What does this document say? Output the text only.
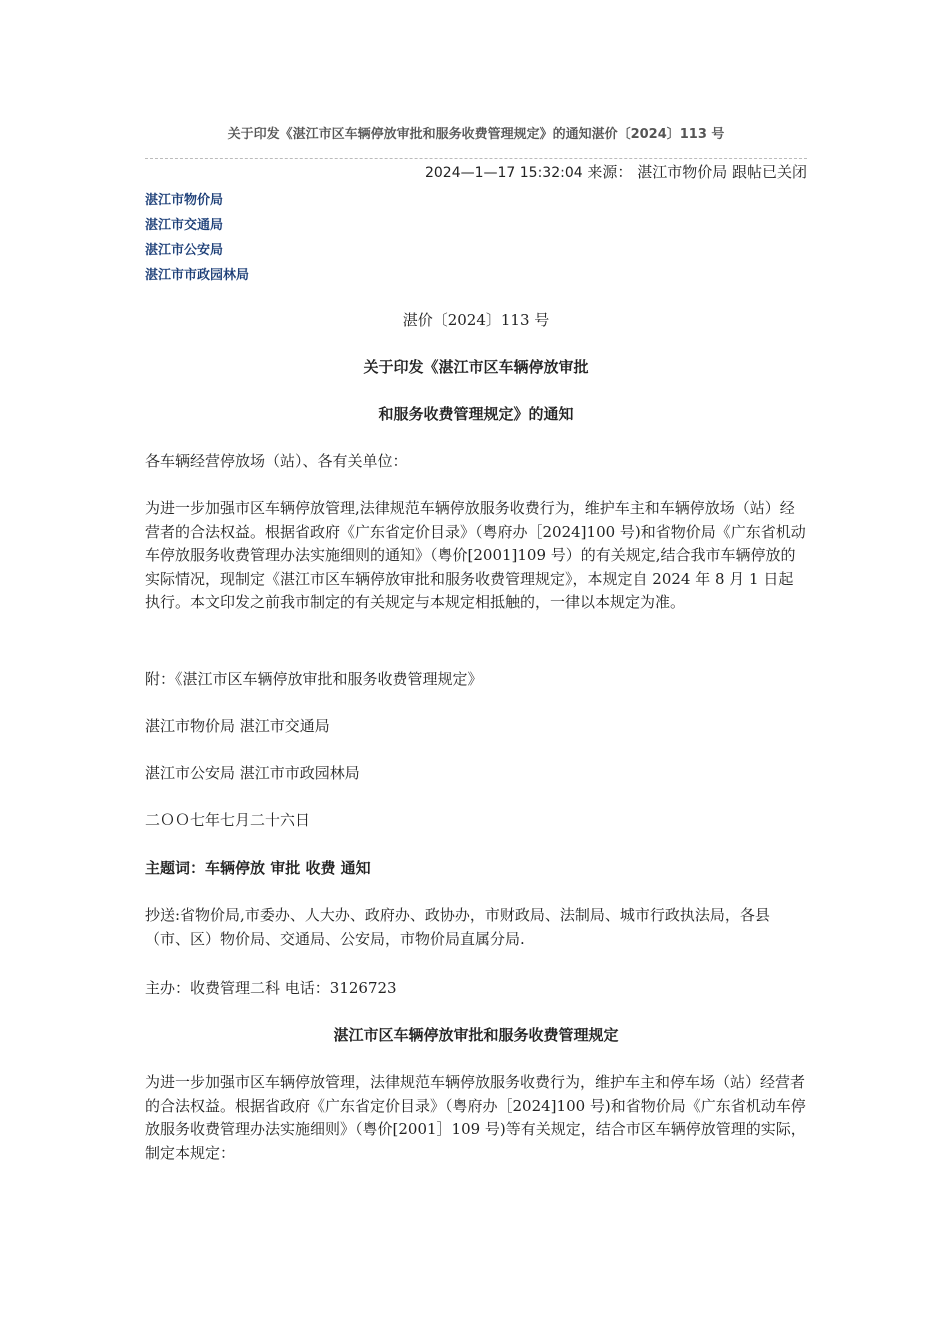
关于印发《湛江市区车辆停放审批和服务收费管理规定》的通知湛价〔2024〕113 号
2024—1—17 15:32:04 来源： 湛江市物价局 跟帖已关闭
湛江市物价局
湛江市交通局
湛江市公安局
湛江市市政园林局
湛价〔2024〕113 号
关于印发《湛江市区车辆停放审批
和服务收费管理规定》的通知
各车辆经营停放场（站）、各有关单位：
为进一步加强市区车辆停放管理,法律规范车辆停放服务收费行为，维护车主和车辆停放场（站）经营者的合法权益。根据省政府《广东省定价目录》（粤府办［2024]100 号)和省物价局《广东省机动车停放服务收费管理办法实施细则的通知》（粤价[2001]109 号）的有关规定,结合我市车辆停放的实际情况，现制定《湛江市区车辆停放审批和服务收费管理规定》，本规定自 2024 年 8 月 1 日起执行。本文印发之前我市制定的有关规定与本规定相抵触的，一律以本规定为准。
附：《湛江市区车辆停放审批和服务收费管理规定》
湛江市物价局 湛江市交通局
湛江市公安局 湛江市市政园林局
二ＯＯ七年七月二十六日
主题词：车辆停放 审批 收费 通知
抄送:省物价局,市委办、人大办、政府办、政协办，市财政局、法制局、城市行政执法局，各县（市、区）物价局、交通局、公安局，市物价局直属分局.
主办：收费管理二科 电话：3126723
湛江市区车辆停放审批和服务收费管理规定
为进一步加强市区车辆停放管理，法律规范车辆停放服务收费行为，维护车主和停车场（站）经营者的合法权益。根据省政府《广东省定价目录》（粤府办［2024]100 号)和省物价局《广东省机动车停放服务收费管理办法实施细则》（粤价[2001］109 号)等有关规定，结合市区车辆停放管理的实际，制定本规定：
